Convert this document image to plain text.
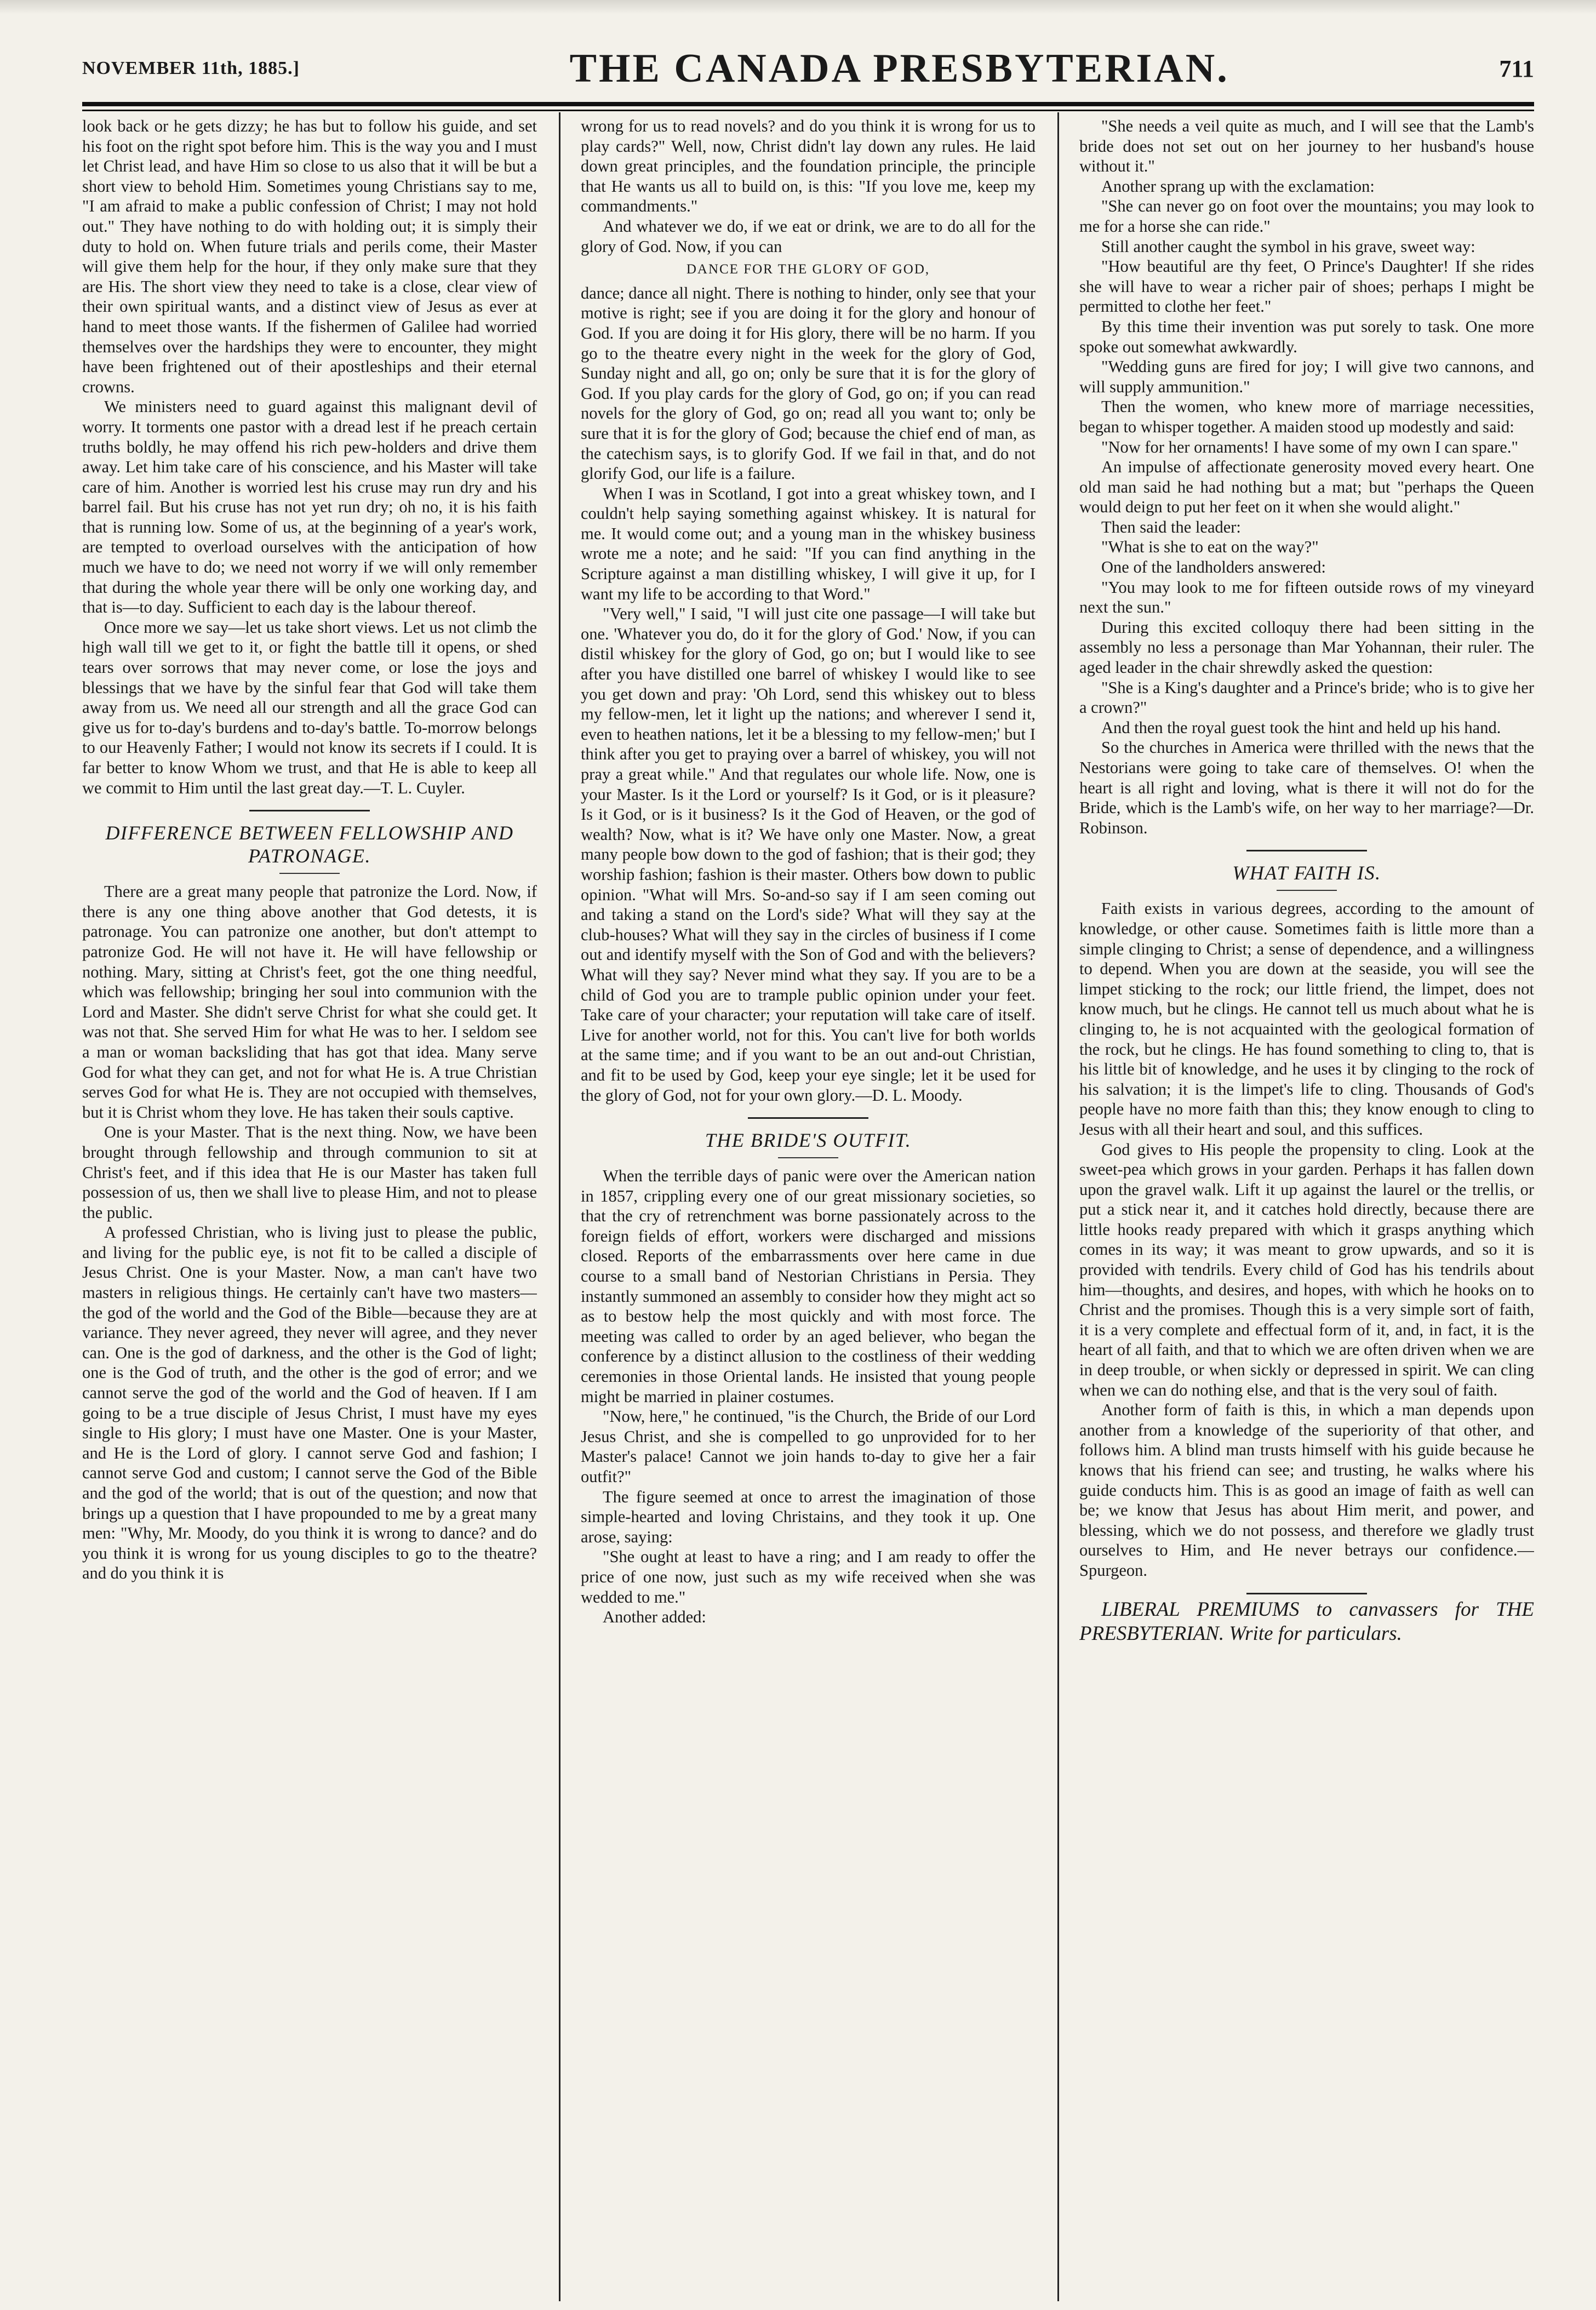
NOVEMBER 11th, 1885.]	THE CANADA PRESBYTERIAN.	711

look back or he gets dizzy; he has but to follow his guide, and set his foot on the right spot before him. This is the way you and I must let Christ lead, and have Him so close to us also that it will be but a short view to behold Him. Sometimes young Christians say to me, "I am afraid to make a public confession of Christ; I may not hold out." They have nothing to do with holding out; it is simply their duty to hold on. When future trials and perils come, their Master will give them help for the hour, if they only make sure that they are His. The short view they need to take is a close, clear view of their own spiritual wants, and a distinct view of Jesus as ever at hand to meet those wants. If the fishermen of Galilee had worried themselves over the hardships they were to encounter, they might have been frightened out of their apostleships and their eternal crowns.

We ministers need to guard against this malignant devil of worry. It torments one pastor with a dread lest if he preach certain truths boldly, he may offend his rich pew-holders and drive them away. Let him take care of his conscience, and his Master will take care of him. Another is worried lest his cruse may run dry and his barrel fail. But his cruse has not yet run dry; oh no, it is his faith that is running low. Some of us, at the beginning of a year's work, are tempted to overload ourselves with the anticipation of how much we have to do; we need not worry if we will only remember that during the whole year there will be only one working day, and that is—to day. Sufficient to each day is the labour thereof.

Once more we say—let us take short views. Let us not climb the high wall till we get to it, or fight the battle till it opens, or shed tears over sorrows that may never come, or lose the joys and blessings that we have by the sinful fear that God will take them away from us. We need all our strength and all the grace God can give us for to-day's burdens and to-day's battle. To-morrow belongs to our Heavenly Father; I would not know its secrets if I could. It is far better to know Whom we trust, and that He is able to keep all we commit to Him until the last great day.—T. L. Cuyler.

DIFFERENCE BETWEEN FELLOWSHIP AND PATRONAGE.

There are a great many people that patronize the Lord. Now, if there is any one thing above another that God detests, it is patronage. You can patronize one another, but don't attempt to patronize God. He will not have it. He will have fellowship or nothing. Mary, sitting at Christ's feet, got the one thing needful, which was fellowship; bringing her soul into communion with the Lord and Master. She didn't serve Christ for what she could get. It was not that. She served Him for what He was to her. I seldom see a man or woman backsliding that has got that idea. Many serve God for what they can get, and not for what He is. A true Christian serves God for what He is. They are not occupied with themselves, but it is Christ whom they love. He has taken their souls captive.

One is your Master. That is the next thing. Now, we have been brought through fellowship and through communion to sit at Christ's feet, and if this idea that He is our Master has taken full possession of us, then we shall live to please Him, and not to please the public.

A professed Christian, who is living just to please the public, and living for the public eye, is not fit to be called a disciple of Jesus Christ. One is your Master. Now, a man can't have two masters in religious things. He certainly can't have two masters—the god of the world and the God of the Bible—because they are at variance. They never agreed, they never will agree, and they never can. One is the god of darkness, and the other is the God of light; one is the God of truth, and the other is the god of error; and we cannot serve the god of the world and the God of heaven. If I am going to be a true disciple of Jesus Christ, I must have my eyes single to His glory; I must have one Master. One is your Master, and He is the Lord of glory. I cannot serve God and fashion; I cannot serve God and custom; I cannot serve the God of the Bible and the god of the world; that is out of the question; and now that brings up a question that I have propounded to me by a great many men: "Why, Mr. Moody, do you think it is wrong to dance? and do you think it is wrong for us young disciples to go to the theatre? and do you think it is

wrong for us to read novels? and do you think it is wrong for us to play cards?" Well, now, Christ didn't lay down any rules. He laid down great principles, and the foundation principle, the principle that He wants us all to build on, is this: "If you love me, keep my commandments."

And whatever we do, if we eat or drink, we are to do all for the glory of God. Now, if you can

DANCE FOR THE GLORY OF GOD,

dance; dance all night. There is nothing to hinder, only see that your motive is right; see if you are doing it for the glory and honour of God. If you are doing it for His glory, there will be no harm. If you go to the theatre every night in the week for the glory of God, Sunday night and all, go on; only be sure that it is for the glory of God. If you play cards for the glory of God, go on; if you can read novels for the glory of God, go on; read all you want to; only be sure that it is for the glory of God; because the chief end of man, as the catechism says, is to glorify God. If we fail in that, and do not glorify God, our life is a failure.

When I was in Scotland, I got into a great whiskey town, and I couldn't help saying something against whiskey. It is natural for me. It would come out; and a young man in the whiskey business wrote me a note; and he said: "If you can find anything in the Scripture against a man distilling whiskey, I will give it up, for I want my life to be according to that Word."

"Very well," I said, "I will just cite one passage—I will take but one. 'Whatever you do, do it for the glory of God.' Now, if you can distil whiskey for the glory of God, go on; but I would like to see after you have distilled one barrel of whiskey I would like to see you get down and pray: 'Oh Lord, send this whiskey out to bless my fellow-men, let it light up the nations; and wherever I send it, even to heathen nations, let it be a blessing to my fellow-men;' but I think after you get to praying over a barrel of whiskey, you will not pray a great while." And that regulates our whole life. Now, one is your Master. Is it the Lord or yourself? Is it God, or is it pleasure? Is it God, or is it business? Is it the God of Heaven, or the god of wealth? Now, what is it? We have only one Master. Now, a great many people bow down to the god of fashion; that is their god; they worship fashion; fashion is their master. Others bow down to public opinion. "What will Mrs. So-and-so say if I am seen coming out and taking a stand on the Lord's side? What will they say at the club-houses? What will they say in the circles of business if I come out and identify myself with the Son of God and with the believers? What will they say? Never mind what they say. If you are to be a child of God you are to trample public opinion under your feet. Take care of your character; your reputation will take care of itself. Live for another world, not for this. You can't live for both worlds at the same time; and if you want to be an out and-out Christian, and fit to be used by God, keep your eye single; let it be used for the glory of God, not for your own glory.—D. L. Moody.

THE BRIDE'S OUTFIT.

When the terrible days of panic were over the American nation in 1857, crippling every one of our great missionary societies, so that the cry of retrenchment was borne passionately across to the foreign fields of effort, workers were discharged and missions closed. Reports of the embarrassments over here came in due course to a small band of Nestorian Christians in Persia. They instantly summoned an assembly to consider how they might act so as to bestow help the most quickly and with most force. The meeting was called to order by an aged believer, who began the conference by a distinct allusion to the costliness of their wedding ceremonies in those Oriental lands. He insisted that young people might be married in plainer costumes.

"Now, here," he continued, "is the Church, the Bride of our Lord Jesus Christ, and she is compelled to go unprovided for to her Master's palace! Cannot we join hands to-day to give her a fair outfit?"

The figure seemed at once to arrest the imagination of those simple-hearted and loving Christains, and they took it up. One arose, saying:

"She ought at least to have a ring; and I am ready to offer the price of one now, just such as my wife received when she was wedded to me."

Another added:

"She needs a veil quite as much, and I will see that the Lamb's bride does not set out on her journey to her husband's house without it."

Another sprang up with the exclamation:

"She can never go on foot over the mountains; you may look to me for a horse she can ride."

Still another caught the symbol in his grave, sweet way:

"How beautiful are thy feet, O Prince's Daughter! If she rides she will have to wear a richer pair of shoes; perhaps I might be permitted to clothe her feet."

By this time their invention was put sorely to task. One more spoke out somewhat awkwardly.

"Wedding guns are fired for joy; I will give two cannons, and will supply ammunition."

Then the women, who knew more of marriage necessities, began to whisper together. A maiden stood up modestly and said:

"Now for her ornaments! I have some of my own I can spare."

An impulse of affectionate generosity moved every heart. One old man said he had nothing but a mat; but "perhaps the Queen would deign to put her feet on it when she would alight."

Then said the leader:

"What is she to eat on the way?"

One of the landholders answered:

"You may look to me for fifteen outside rows of my vineyard next the sun."

During this excited colloquy there had been sitting in the assembly no less a personage than Mar Yohannan, their ruler. The aged leader in the chair shrewdly asked the question:

"She is a King's daughter and a Prince's bride; who is to give her a crown?"

And then the royal guest took the hint and held up his hand.

So the churches in America were thrilled with the news that the Nestorians were going to take care of themselves. O! when the heart is all right and loving, what is there it will not do for the Bride, which is the Lamb's wife, on her way to her marriage?—Dr. Robinson.

WHAT FAITH IS.

Faith exists in various degrees, according to the amount of knowledge, or other cause. Sometimes faith is little more than a simple clinging to Christ; a sense of dependence, and a willingness to depend. When you are down at the seaside, you will see the limpet sticking to the rock; our little friend, the limpet, does not know much, but he clings. He cannot tell us much about what he is clinging to, he is not acquainted with the geological formation of the rock, but he clings. He has found something to cling to, that is his little bit of knowledge, and he uses it by clinging to the rock of his salvation; it is the limpet's life to cling. Thousands of God's people have no more faith than this; they know enough to cling to Jesus with all their heart and soul, and this suffices.

God gives to His people the propensity to cling. Look at the sweet-pea which grows in your garden. Perhaps it has fallen down upon the gravel walk. Lift it up against the laurel or the trellis, or put a stick near it, and it catches hold directly, because there are little hooks ready prepared with which it grasps anything which comes in its way; it was meant to grow upwards, and so it is provided with tendrils. Every child of God has his tendrils about him—thoughts, and desires, and hopes, with which he hooks on to Christ and the promises. Though this is a very simple sort of faith, it is a very complete and effectual form of it, and, in fact, it is the heart of all faith, and that to which we are often driven when we are in deep trouble, or when sickly or depressed in spirit. We can cling when we can do nothing else, and that is the very soul of faith.

Another form of faith is this, in which a man depends upon another from a knowledge of the superiority of that other, and follows him. A blind man trusts himself with his guide because he knows that his friend can see; and trusting, he walks where his guide conducts him. This is as good an image of faith as well can be; we know that Jesus has about Him merit, and power, and blessing, which we do not possess, and therefore we gladly trust ourselves to Him, and He never betrays our confidence.—Spurgeon.

LIBERAL PREMIUMS to canvassers for THE PRESBYTERIAN. Write for particulars.
